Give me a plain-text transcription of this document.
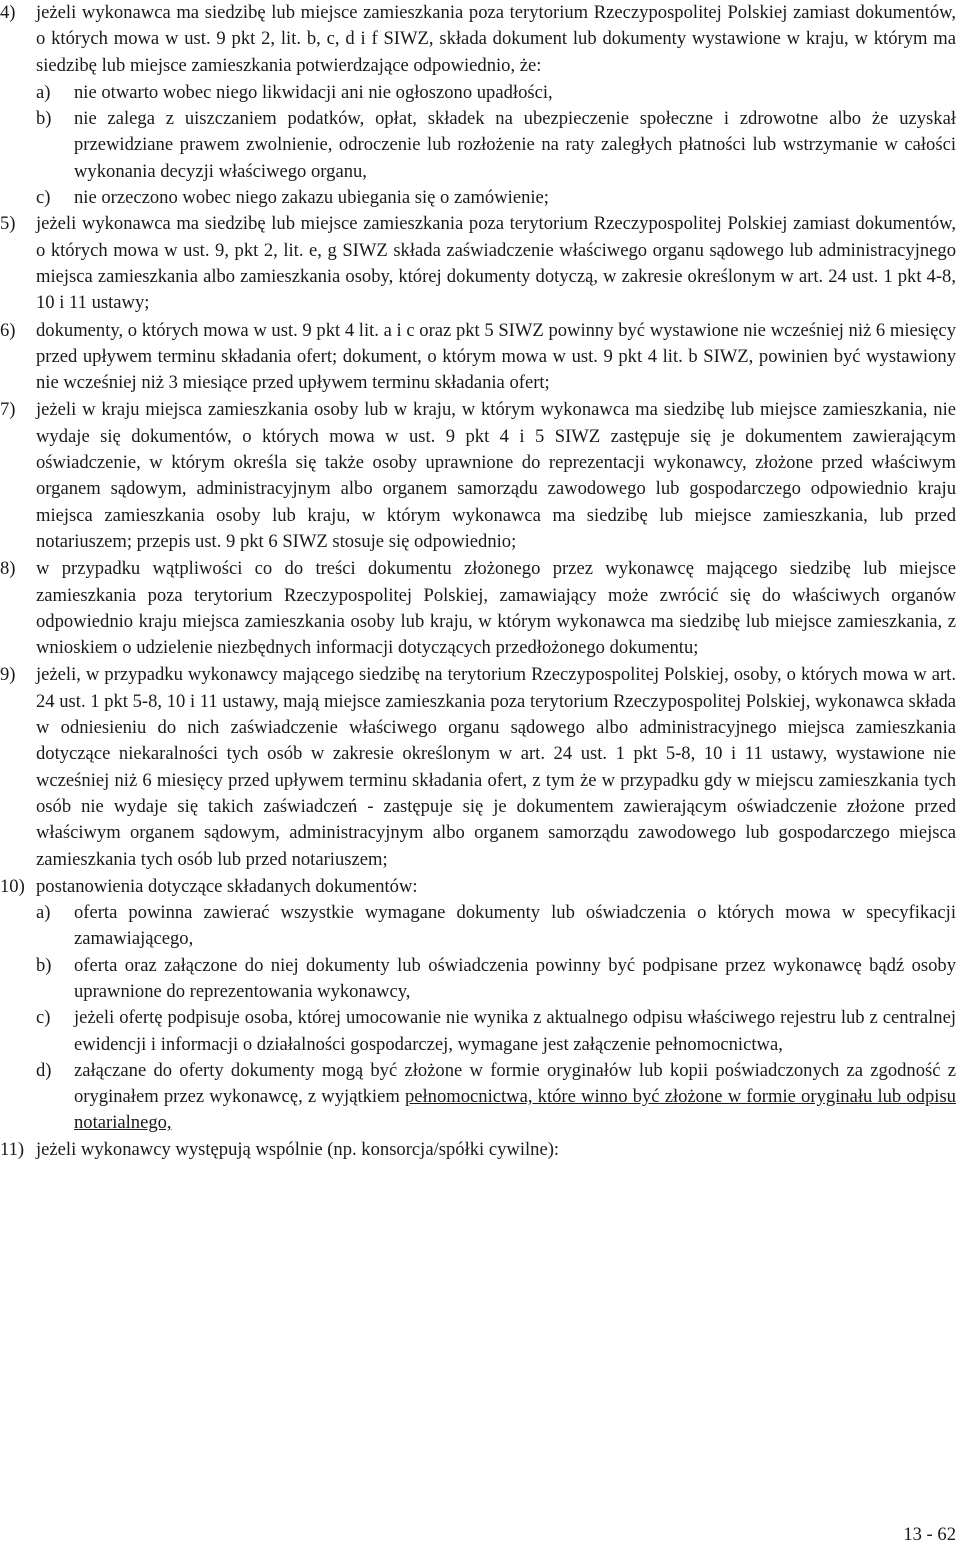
4) jeżeli wykonawca ma siedzibę lub miejsce zamieszkania poza terytorium Rzeczypospolitej Polskiej zamiast dokumentów, o których mowa w ust. 9 pkt 2, lit. b, c, d i f SIWZ, składa dokument lub dokumenty wystawione w kraju, w którym ma siedzibę lub miejsce zamieszkania potwierdzające odpowiednio, że:
a) nie otwarto wobec niego likwidacji ani nie ogłoszono upadłości,
b) nie zalega z uiszczaniem podatków, opłat, składek na ubezpieczenie społeczne i zdrowotne albo że uzyskał przewidziane prawem zwolnienie, odroczenie lub rozłożenie na raty zaległych płatności lub wstrzymanie w całości wykonania decyzji właściwego organu,
c) nie orzeczono wobec niego zakazu ubiegania się o zamówienie;
5) jeżeli wykonawca ma siedzibę lub miejsce zamieszkania poza terytorium Rzeczypospolitej Polskiej zamiast dokumentów, o których mowa w ust. 9, pkt 2, lit. e, g SIWZ składa zaświadczenie właściwego organu sądowego lub administracyjnego miejsca zamieszkania albo zamieszkania osoby, której dokumenty dotyczą, w zakresie określonym w art. 24 ust. 1 pkt 4-8, 10 i 11 ustawy;
6) dokumenty, o których mowa w ust. 9 pkt 4 lit. a i c oraz pkt 5 SIWZ powinny być wystawione nie wcześniej niż 6 miesięcy przed upływem terminu składania ofert; dokument, o którym mowa w ust. 9 pkt 4 lit. b SIWZ, powinien być wystawiony nie wcześniej niż 3 miesiące przed upływem terminu składania ofert;
7) jeżeli w kraju miejsca zamieszkania osoby lub w kraju, w którym wykonawca ma siedzibę lub miejsce zamieszkania, nie wydaje się dokumentów, o których mowa w ust. 9 pkt 4 i 5 SIWZ zastępuje się je dokumentem zawierającym oświadczenie, w którym określa się także osoby uprawnione do reprezentacji wykonawcy, złożone przed właściwym organem sądowym, administracyjnym albo organem samorządu zawodowego lub gospodarczego odpowiednio kraju miejsca zamieszkania osoby lub kraju, w którym wykonawca ma siedzibę lub miejsce zamieszkania, lub przed notariuszem; przepis ust. 9 pkt 6 SIWZ stosuje się odpowiednio;
8) w przypadku wątpliwości co do treści dokumentu złożonego przez wykonawcę mającego siedzibę lub miejsce zamieszkania poza terytorium Rzeczypospolitej Polskiej, zamawiający może zwrócić się do właściwych organów odpowiednio kraju miejsca zamieszkania osoby lub kraju, w którym wykonawca ma siedzibę lub miejsce zamieszkania, z wnioskiem o udzielenie niezbędnych informacji dotyczących przedłożonego dokumentu;
9) jeżeli, w przypadku wykonawcy mającego siedzibę na terytorium Rzeczypospolitej Polskiej, osoby, o których mowa w art. 24 ust. 1 pkt 5-8, 10 i 11 ustawy, mają miejsce zamieszkania poza terytorium Rzeczypospolitej Polskiej, wykonawca składa w odniesieniu do nich zaświadczenie właściwego organu sądowego albo administracyjnego miejsca zamieszkania dotyczące niekaralności tych osób w zakresie określonym w art. 24 ust. 1 pkt 5-8, 10 i 11 ustawy, wystawione nie wcześniej niż 6 miesięcy przed upływem terminu składania ofert, z tym że w przypadku gdy w miejscu zamieszkania tych osób nie wydaje się takich zaświadczeń - zastępuje się je dokumentem zawierającym oświadczenie złożone przed właściwym organem sądowym, administracyjnym albo organem samorządu zawodowego lub gospodarczego miejsca zamieszkania tych osób lub przed notariuszem;
10) postanowienia dotyczące składanych dokumentów:
a) oferta powinna zawierać wszystkie wymagane dokumenty lub oświadczenia o których mowa w specyfikacji zamawiającego,
b) oferta oraz załączone do niej dokumenty lub oświadczenia powinny być podpisane przez wykonawcę bądź osoby uprawnione do reprezentowania wykonawcy,
c) jeżeli ofertę podpisuje osoba, której umocowanie nie wynika z aktualnego odpisu właściwego rejestru lub z centralnej ewidencji i informacji o działalności gospodarczej, wymagane jest załączenie pełnomocnictwa,
d) załączane do oferty dokumenty mogą być złożone w formie oryginałów lub kopii poświadczonych za zgodność z oryginałem przez wykonawcę, z wyjątkiem pełnomocnictwa, które winno być złożone w formie oryginału lub odpisu notarialnego,
11) jeżeli wykonawcy występują wspólnie (np. konsorcja/spółki cywilne):
13 - 62
